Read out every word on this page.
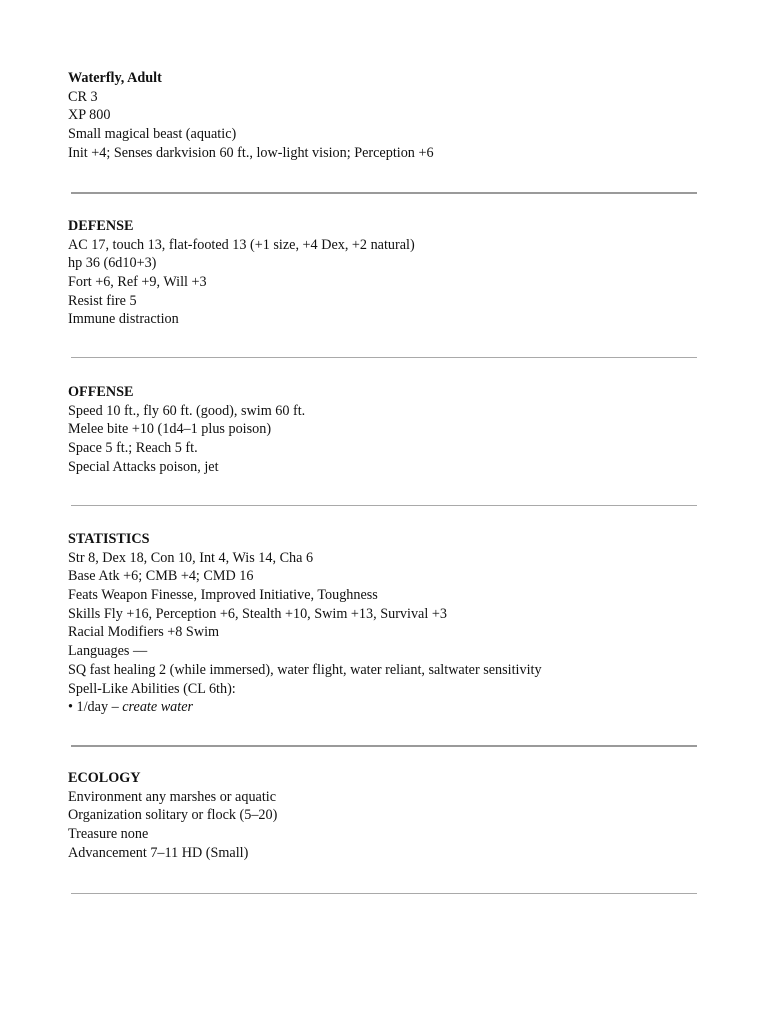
Waterfly, Adult
CR 3
XP 800
Small magical beast (aquatic)
Init +4; Senses darkvision 60 ft., low-light vision; Perception +6
DEFENSE
AC 17, touch 13, flat-footed 13 (+1 size, +4 Dex, +2 natural)
hp 36 (6d10+3)
Fort +6, Ref +9, Will +3
Resist fire 5
Immune distraction
OFFENSE
Speed 10 ft., fly 60 ft. (good), swim 60 ft.
Melee bite +10 (1d4–1 plus poison)
Space 5 ft.; Reach 5 ft.
Special Attacks poison, jet
STATISTICS
Str 8, Dex 18, Con 10, Int 4, Wis 14, Cha 6
Base Atk +6; CMB +4; CMD 16
Feats Weapon Finesse, Improved Initiative, Toughness
Skills Fly +16, Perception +6, Stealth +10, Swim +13, Survival +3
Racial Modifiers +8 Swim
Languages —
SQ fast healing 2 (while immersed), water flight, water reliant, saltwater sensitivity
Spell-Like Abilities (CL 6th):
• 1/day – create water
ECOLOGY
Environment any marshes or aquatic
Organization solitary or flock (5–20)
Treasure none
Advancement 7–11 HD (Small)
